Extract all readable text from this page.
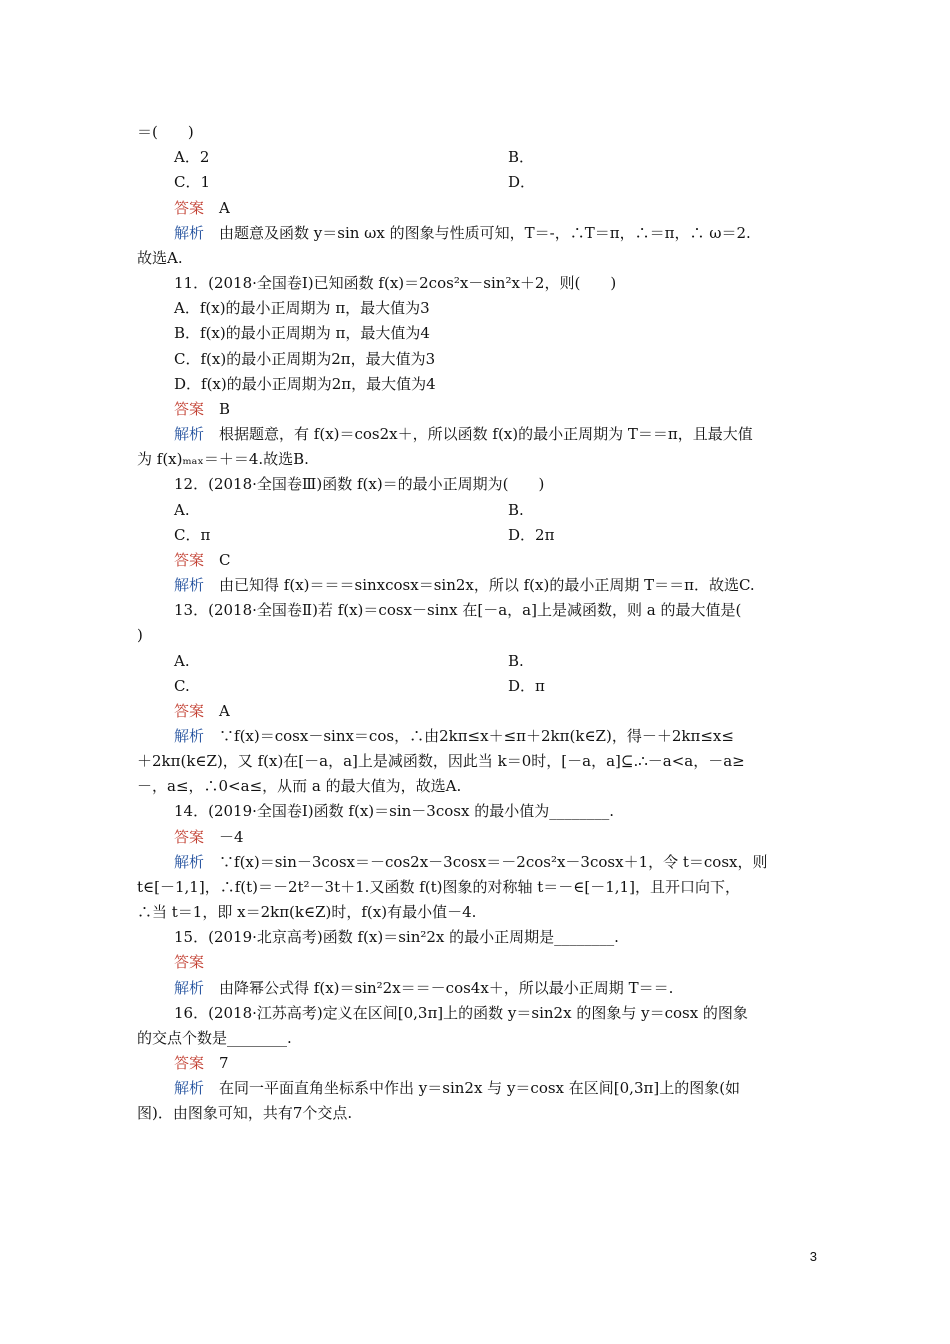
＝(　　)
A．2	B．
C．1	D．
答案　A
解析　由题意及函数 y＝sin ωx 的图象与性质可知，T＝-，∴T＝π，∴＝π，∴ ω＝2.
故选A.
11．(2018·全国卷Ⅰ)已知函数 f(x)＝2cos²x－sin²x＋2，则(　　)
A．f(x)的最小正周期为 π，最大值为3
B．f(x)的最小正周期为 π，最大值为4
C．f(x)的最小正周期为2π，最大值为3
D．f(x)的最小正周期为2π，最大值为4
答案　B
解析　根据题意，有 f(x)＝cos2x＋，所以函数 f(x)的最小正周期为 T＝＝π，且最大值
为 f(x)ₘₐₓ＝＋＝4.故选B.
12．(2018·全国卷Ⅲ)函数 f(x)＝的最小正周期为(　　)
A.	B.
C．π	D．2π
答案　C
解析　由已知得 f(x)＝＝＝sinxcosx＝sin2x，所以 f(x)的最小正周期 T＝＝π．故选C.
13．(2018·全国卷Ⅱ)若 f(x)＝cosx－sinx 在[－a，a]上是减函数，则 a 的最大值是(
)
A.	B.
C.	D．π
答案　A
解析　∵f(x)＝cosx－sinx＝cos，∴由2kπ≤x＋≤π＋2kπ(k∈Z)，得－＋2kπ≤x≤
＋2kπ(k∈Z)，又 f(x)在[－a，a]上是减函数，因此当 k＝0时，[－a，a]⊆.∴－a<a，－a≥
－，a≤，∴0<a≤，从而 a 的最大值为，故选A.
14．(2019·全国卷Ⅰ)函数 f(x)＝sin－3cosx 的最小值为________.
答案　－4
解析　∵f(x)＝sin－3cosx＝－cos2x－3cosx＝－2cos²x－3cosx＋1，令 t＝cosx，则
t∈[－1,1]，∴f(t)＝－2t²－3t＋1.又函数 f(t)图象的对称轴 t＝－∈[－1,1]，且开口向下，
∴当 t＝1，即 x＝2kπ(k∈Z)时，f(x)有最小值－4.
15．(2019·北京高考)函数 f(x)＝sin²2x 的最小正周期是________.
答案
解析　由降幂公式得 f(x)＝sin²2x＝＝－cos4x＋，所以最小正周期 T＝＝.
16．(2018·江苏高考)定义在区间[0,3π]上的函数 y＝sin2x 的图象与 y＝cosx 的图象
的交点个数是________.
答案　7
解析　在同一平面直角坐标系中作出 y＝sin2x 与 y＝cosx 在区间[0,3π]上的图象(如
图)．由图象可知，共有7个交点.
3
